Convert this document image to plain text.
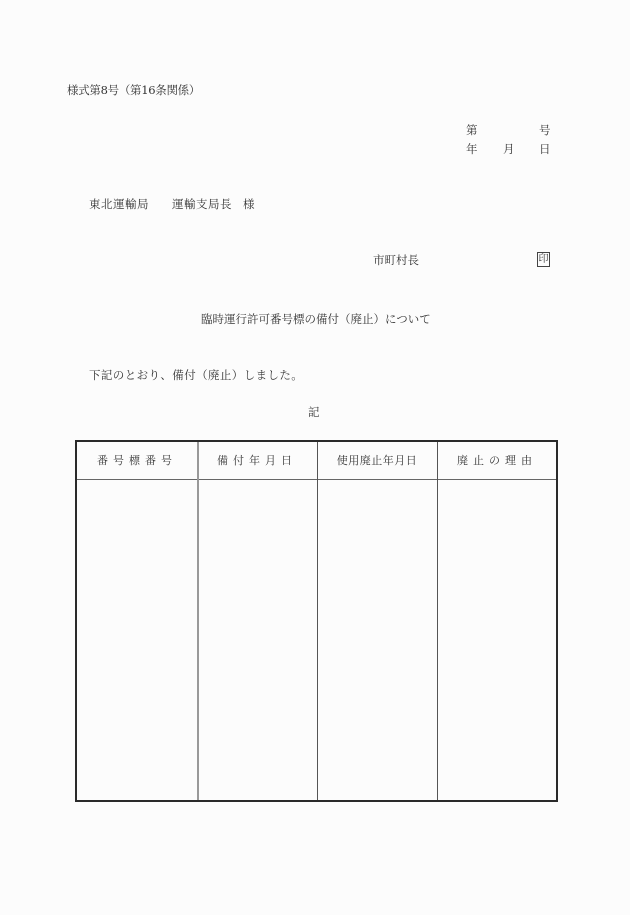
様式第8号（第16条関係）
第	号
年 月 日
東北運輸局 運輸支局長 様
市町村長	印
臨時運行許可番号標の備付（廃止）について
下記のとおり、備付（廃止）しました。
記
番号標番号	備付年月日	使用廃止年月日	廃止の理由
